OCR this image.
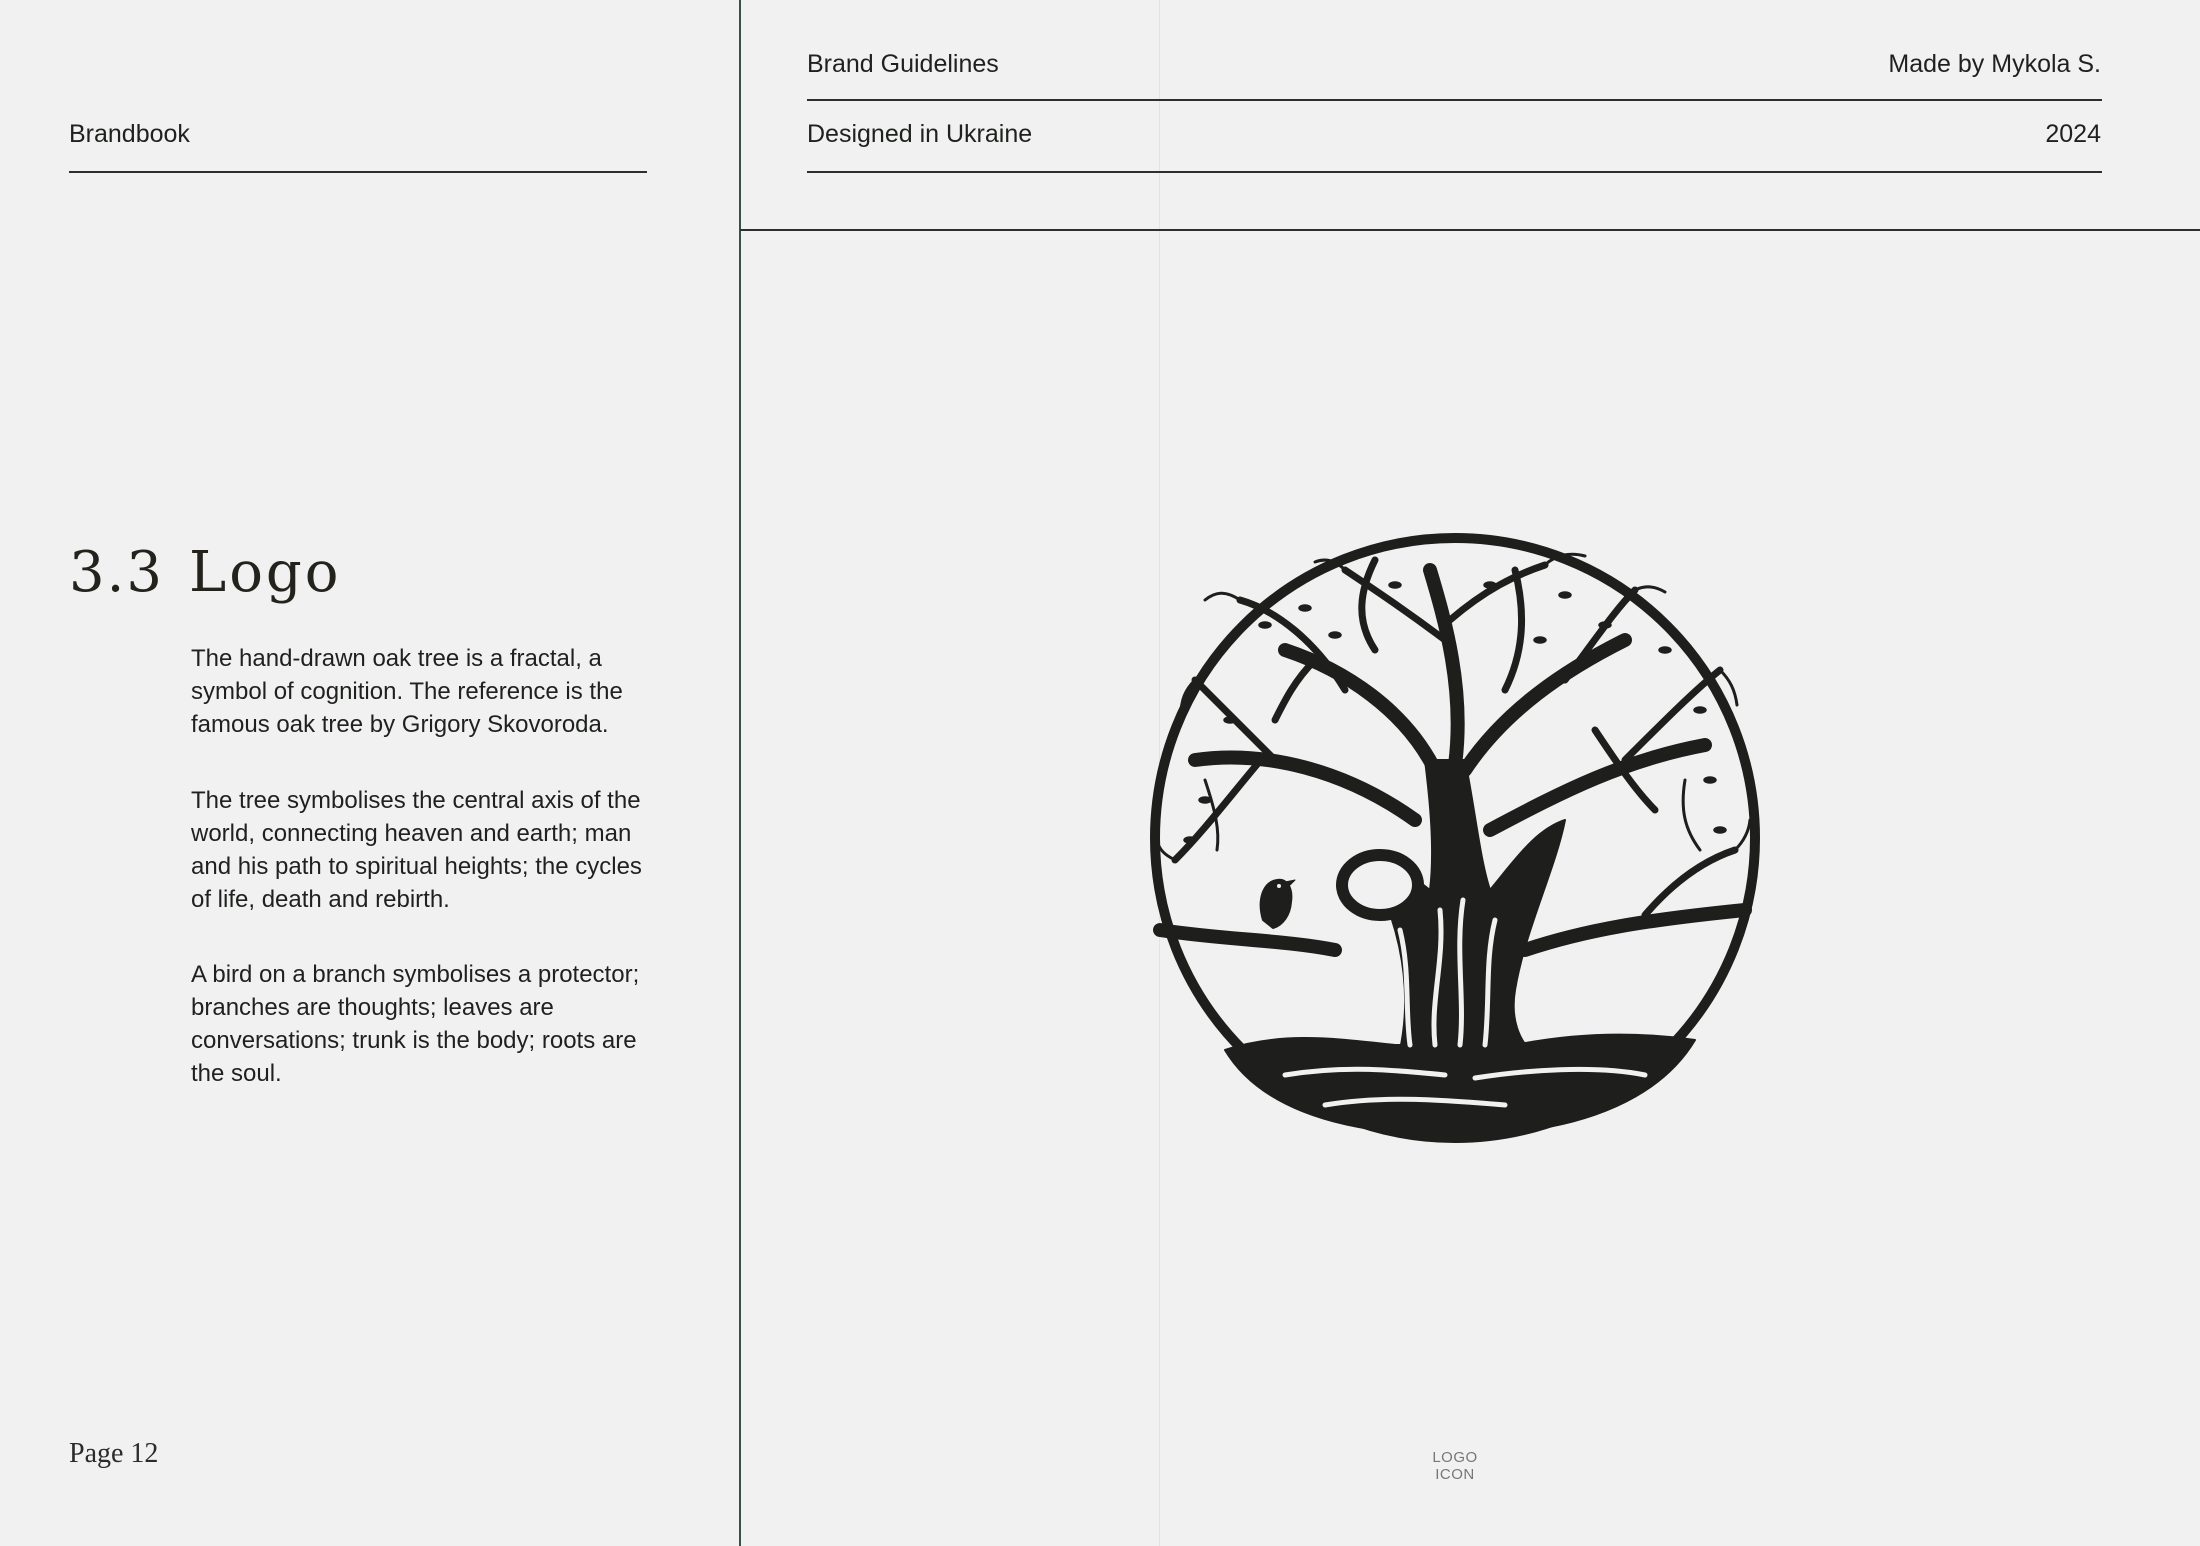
Brandbook
Brand Guidelines	Made by Mykola S.
Designed in Ukraine	2024
3.3 Logo
The hand-drawn oak tree is a fractal, a symbol of cognition. The reference is the famous oak tree by Grigory Skovoroda.
The tree symbolises the central axis of the world, connecting heaven and earth; man and his path to spiritual heights; the cycles of life, death and rebirth.
A bird on a branch symbolises a protector; branches are thoughts; leaves are conversations; trunk is the body; roots are the soul.
Page 12	LOGO ICON
